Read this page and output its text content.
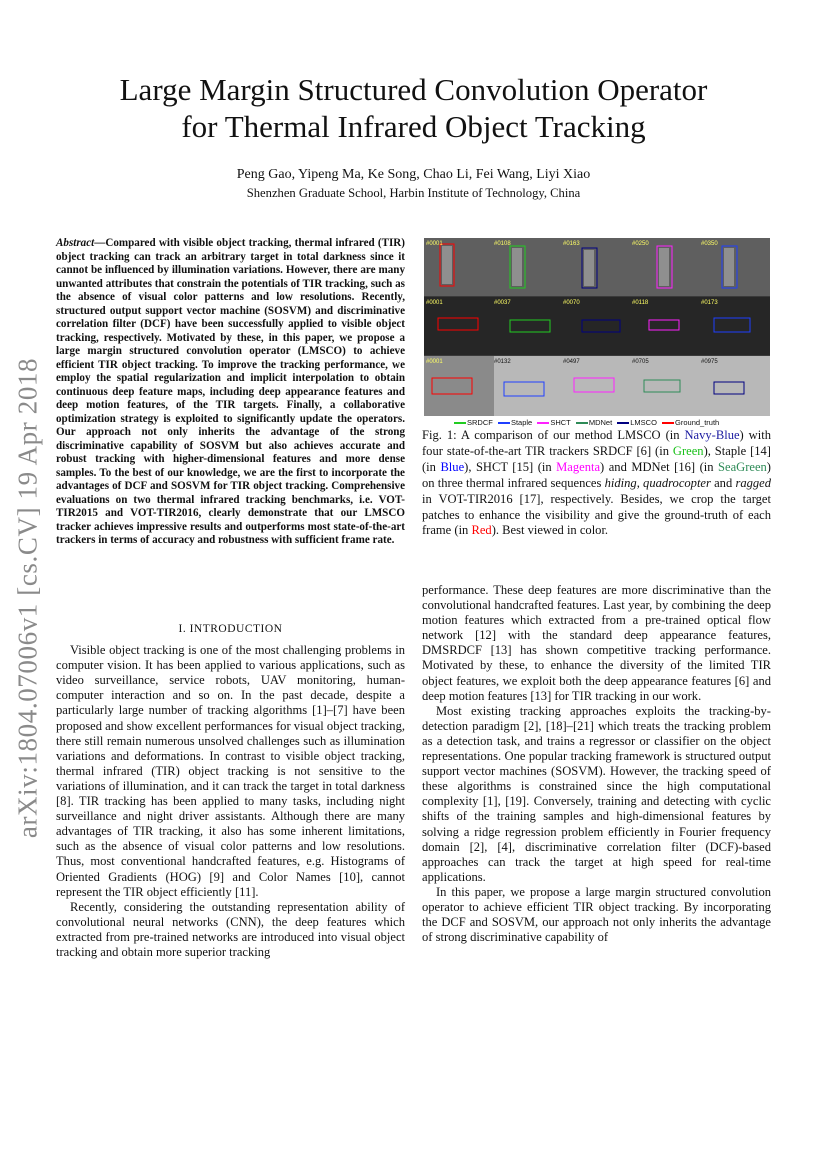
arXiv:1804.07006v1 [cs.CV] 19 Apr 2018
Large Margin Structured Convolution Operator
for Thermal Infrared Object Tracking
Peng Gao, Yipeng Ma, Ke Song, Chao Li, Fei Wang, Liyi Xiao
Shenzhen Graduate School, Harbin Institute of Technology, China
Abstract—Compared with visible object tracking, thermal infrared (TIR) object tracking can track an arbitrary target in total darkness since it cannot be influenced by illumination variations. However, there are many unwanted attributes that constrain the potentials of TIR tracking, such as the absence of visual color patterns and low resolutions. Recently, structured output support vector machine (SOSVM) and discriminative correlation filter (DCF) have been successfully applied to visible object tracking, respectively. Motivated by these, in this paper, we propose a large margin structured convolution operator (LMSCO) to achieve efficient TIR object tracking. To improve the tracking performance, we employ the spatial regularization and implicit interpolation to obtain continuous deep feature maps, including deep appearance features and deep motion features, of the TIR targets. Finally, a collaborative optimization strategy is exploited to significantly update the operators. Our approach not only inherits the advantage of the strong discriminative capability of SOSVM but also achieves accurate and robust tracking with higher-dimensional features and more dense samples. To the best of our knowledge, we are the first to incorporate the advantages of DCF and SOSVM for TIR object tracking. Comprehensive evaluations on two thermal infrared tracking benchmarks, i.e. VOT-TIR2015 and VOT-TIR2016, clearly demonstrate that our LMSCO tracker achieves impressive results and outperforms most state-of-the-art trackers in terms of accuracy and robustness with sufficient frame rate.
I. INTRODUCTION

Visible object tracking is one of the most challenging problems in computer vision. It has been applied to various applications, such as video surveillance, service robots, UAV monitoring, human-computer interaction and so on. In the past decade, despite a particularly large number of tracking algorithms [1]–[7] have been proposed and show excellent performances for visual object tracking, there still remain numerous unsolved challenges such as illumination variations and deformations. In contrast to visible object tracking, thermal infrared (TIR) object tracking is not sensitive to the variations of illumination, and it can track the target in total darkness [8]. TIR tracking has been applied to many tasks, including night surveillance and night driver assistants. Although there are many advantages of TIR tracking, it also has some inherent limitations, such as the absence of visual color patterns and low resolutions. Thus, most conventional handcrafted features, e.g. Histograms of Oriented Gradients (HOG) [9] and Color Names [10], cannot represent the TIR object efficiently [11].

Recently, considering the outstanding representation ability of convolutional neural networks (CNN), the deep features which extracted from pre-trained networks are introduced into visual object tracking and obtain more superior tracking

#0001	#0108	#0163	#0250	#0350
#0001	#0037	#0070	#0118	#0173
#0001	#0132	#0497	#0705	#0975
SRDCF Staple SHCT MDNet LMSCO Ground_truth
Fig. 1: A comparison of our method LMSCO (in Navy-Blue) with four state-of-the-art TIR trackers SRDCF [6] (in Green), Staple [14] (in Blue), SHCT [15] (in Magenta) and MDNet [16] (in SeaGreen) on three thermal infrared sequences hiding, quadrocopter and ragged in VOT-TIR2016 [17], respectively. Besides, we crop the target patches to enhance the visibility and give the ground-truth of each frame (in Red). Best viewed in color.

performance. These deep features are more discriminative than the convolutional handcrafted features. Last year, by combining the deep motion features which extracted from a pre-trained optical flow network [12] with the standard deep appearance features, DMSRDCF [13] has shown competitive tracking performance. Motivated by these, to enhance the diversity of the limited TIR object features, we exploit both the deep appearance features [6] and deep motion features [13] for TIR tracking in our work.

Most existing tracking approaches exploits the tracking-by-detection paradigm [2], [18]–[21] which treats the tracking problem as a detection task, and trains a regressor or classifier on the object representations. One popular tracking framework is structured output support vector machines (SOSVM). However, the tracking speed of these algorithms is constrained since the high computational complexity [1], [19]. Conversely, training and detecting with cyclic shifts of the training samples and high-dimensional features by solving a ridge regression problem efficiently in Fourier frequency domain [2], [4], discriminative correlation filter (DCF)-based approaches can track the target at high speed for real-time applications.

In this paper, we propose a large margin structured convolution operator to achieve efficient TIR object tracking. By incorporating the DCF and SOSVM, our approach not only inherits the advantage of strong discriminative capability of
